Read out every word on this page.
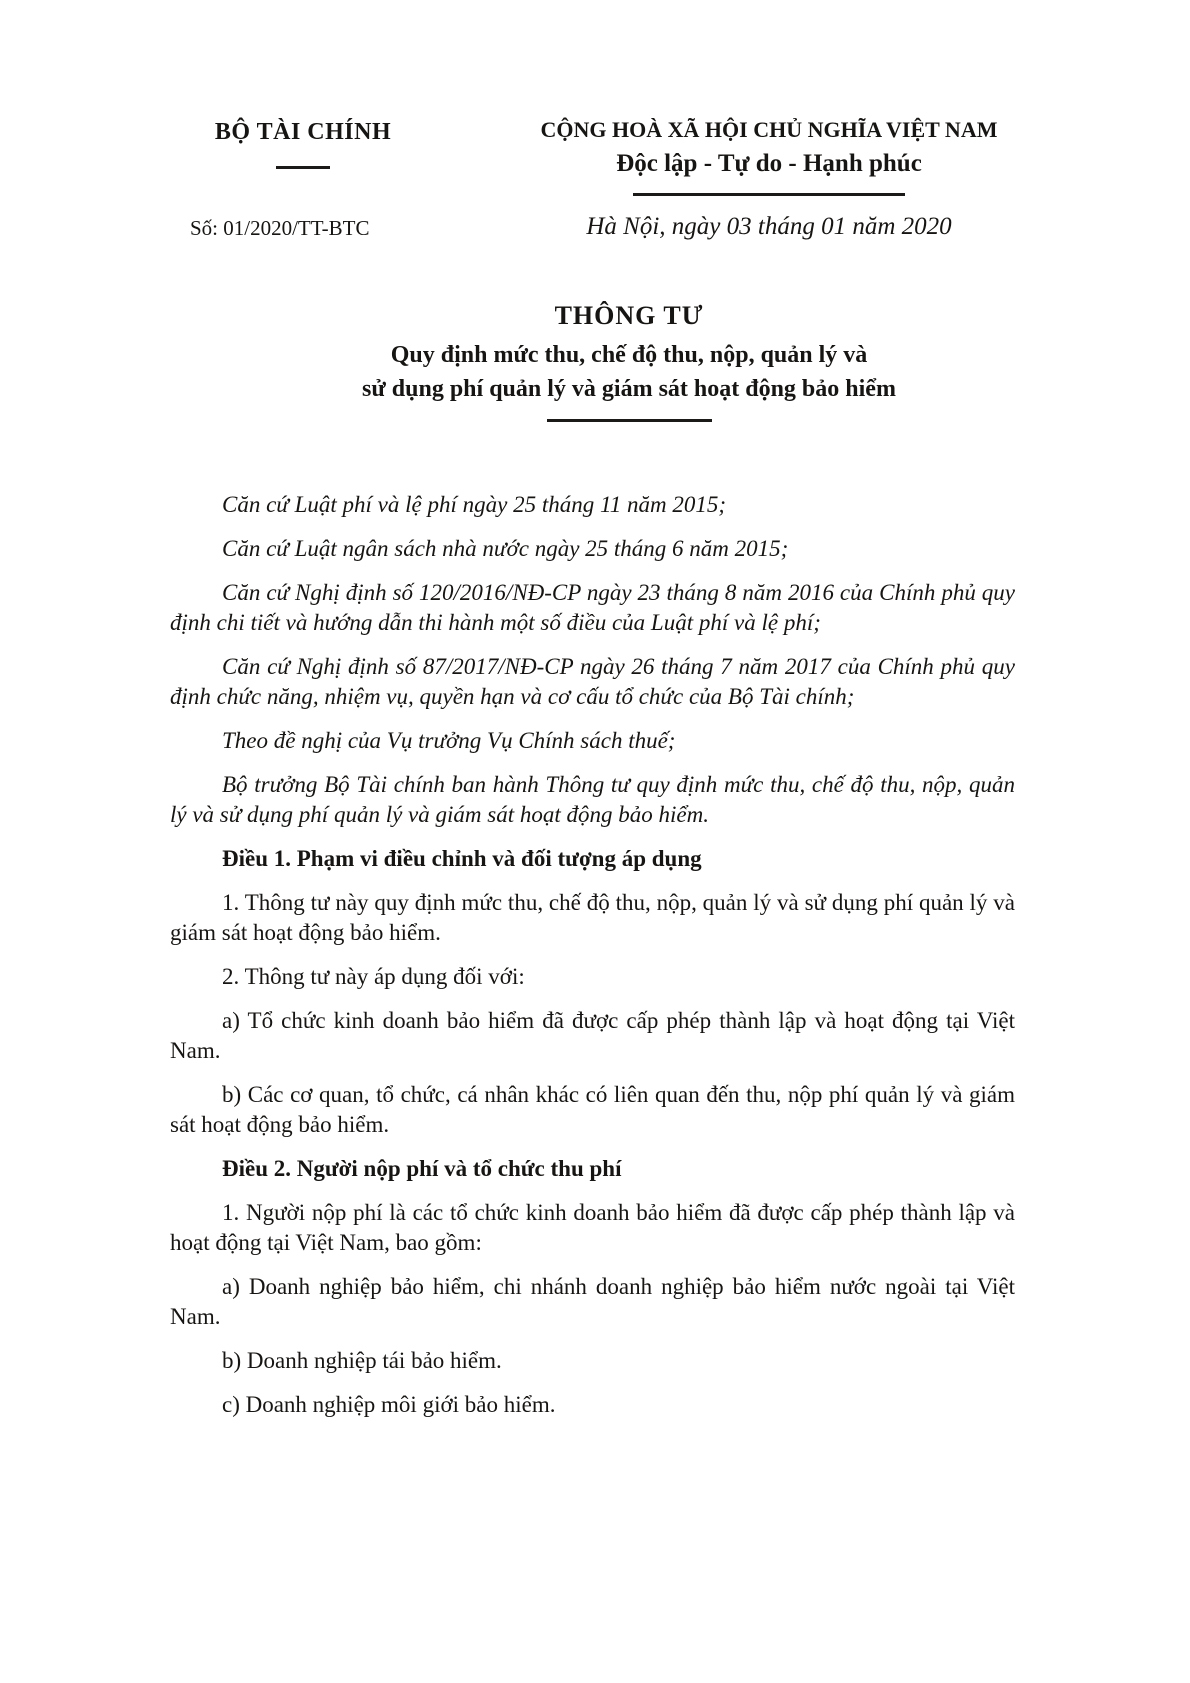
BỘ TÀI CHÍNH
Số: 01/2020/TT-BTC
CỘNG HOÀ XÃ HỘI CHỦ NGHĨA VIỆT NAM
Độc lập - Tự do - Hạnh phúc
Hà Nội, ngày 03 tháng 01 năm 2020
THÔNG TƯ
Quy định mức thu, chế độ thu, nộp, quản lý và
sử dụng phí quản lý và giám sát hoạt động bảo hiểm

Căn cứ Luật phí và lệ phí ngày 25 tháng 11 năm 2015;

Căn cứ Luật ngân sách nhà nước ngày 25 tháng 6 năm 2015;

Căn cứ Nghị định số 120/2016/NĐ-CP ngày 23 tháng 8 năm 2016 của Chính phủ quy định chi tiết và hướng dẫn thi hành một số điều của Luật phí và lệ phí;

Căn cứ Nghị định số 87/2017/NĐ-CP ngày 26 tháng 7 năm 2017 của Chính phủ quy định chức năng, nhiệm vụ, quyền hạn và cơ cấu tổ chức của Bộ Tài chính;

Theo đề nghị của Vụ trưởng Vụ Chính sách thuế;

Bộ trưởng Bộ Tài chính ban hành Thông tư quy định mức thu, chế độ thu, nộp, quản lý và sử dụng phí quản lý và giám sát hoạt động bảo hiểm.

Điều 1. Phạm vi điều chỉnh và đối tượng áp dụng

1. Thông tư này quy định mức thu, chế độ thu, nộp, quản lý và sử dụng phí quản lý và giám sát hoạt động bảo hiểm.

2. Thông tư này áp dụng đối với:

a) Tổ chức kinh doanh bảo hiểm đã được cấp phép thành lập và hoạt động tại Việt Nam.

b) Các cơ quan, tổ chức, cá nhân khác có liên quan đến thu, nộp phí quản lý và giám sát hoạt động bảo hiểm.

Điều 2. Người nộp phí và tổ chức thu phí

1. Người nộp phí là các tổ chức kinh doanh bảo hiểm đã được cấp phép thành lập và hoạt động tại Việt Nam, bao gồm:

a) Doanh nghiệp bảo hiểm, chi nhánh doanh nghiệp bảo hiểm nước ngoài tại Việt Nam.

b) Doanh nghiệp tái bảo hiểm.

c) Doanh nghiệp môi giới bảo hiểm.
